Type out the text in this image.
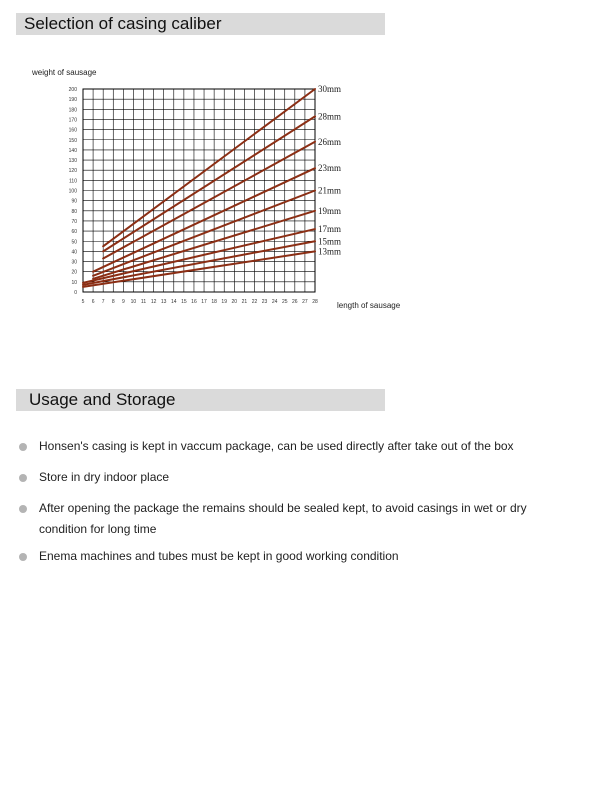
Selection of casing caliber
weight of sausage
length of sausage
5 6 7 8 9 10 11 12 13 14 15 16 17 18 19 20 21 22 23 24 25 26 27 28
0
10
20
30
40
50
60
70
80
90
100
110
120
130
140
150
160
170
180
190
200	30mm
28mm
26mm
23mm
21mm
19mm
17mm
15mm
13mm
Usage and Storage
Honsen's casing is kept in vaccum package, can be used directly after take out of the box
Store in dry indoor place
After opening the package the remains should be sealed kept, to avoid casings in wet or dry condition for long time
Enema machines and tubes must be kept in good working condition
